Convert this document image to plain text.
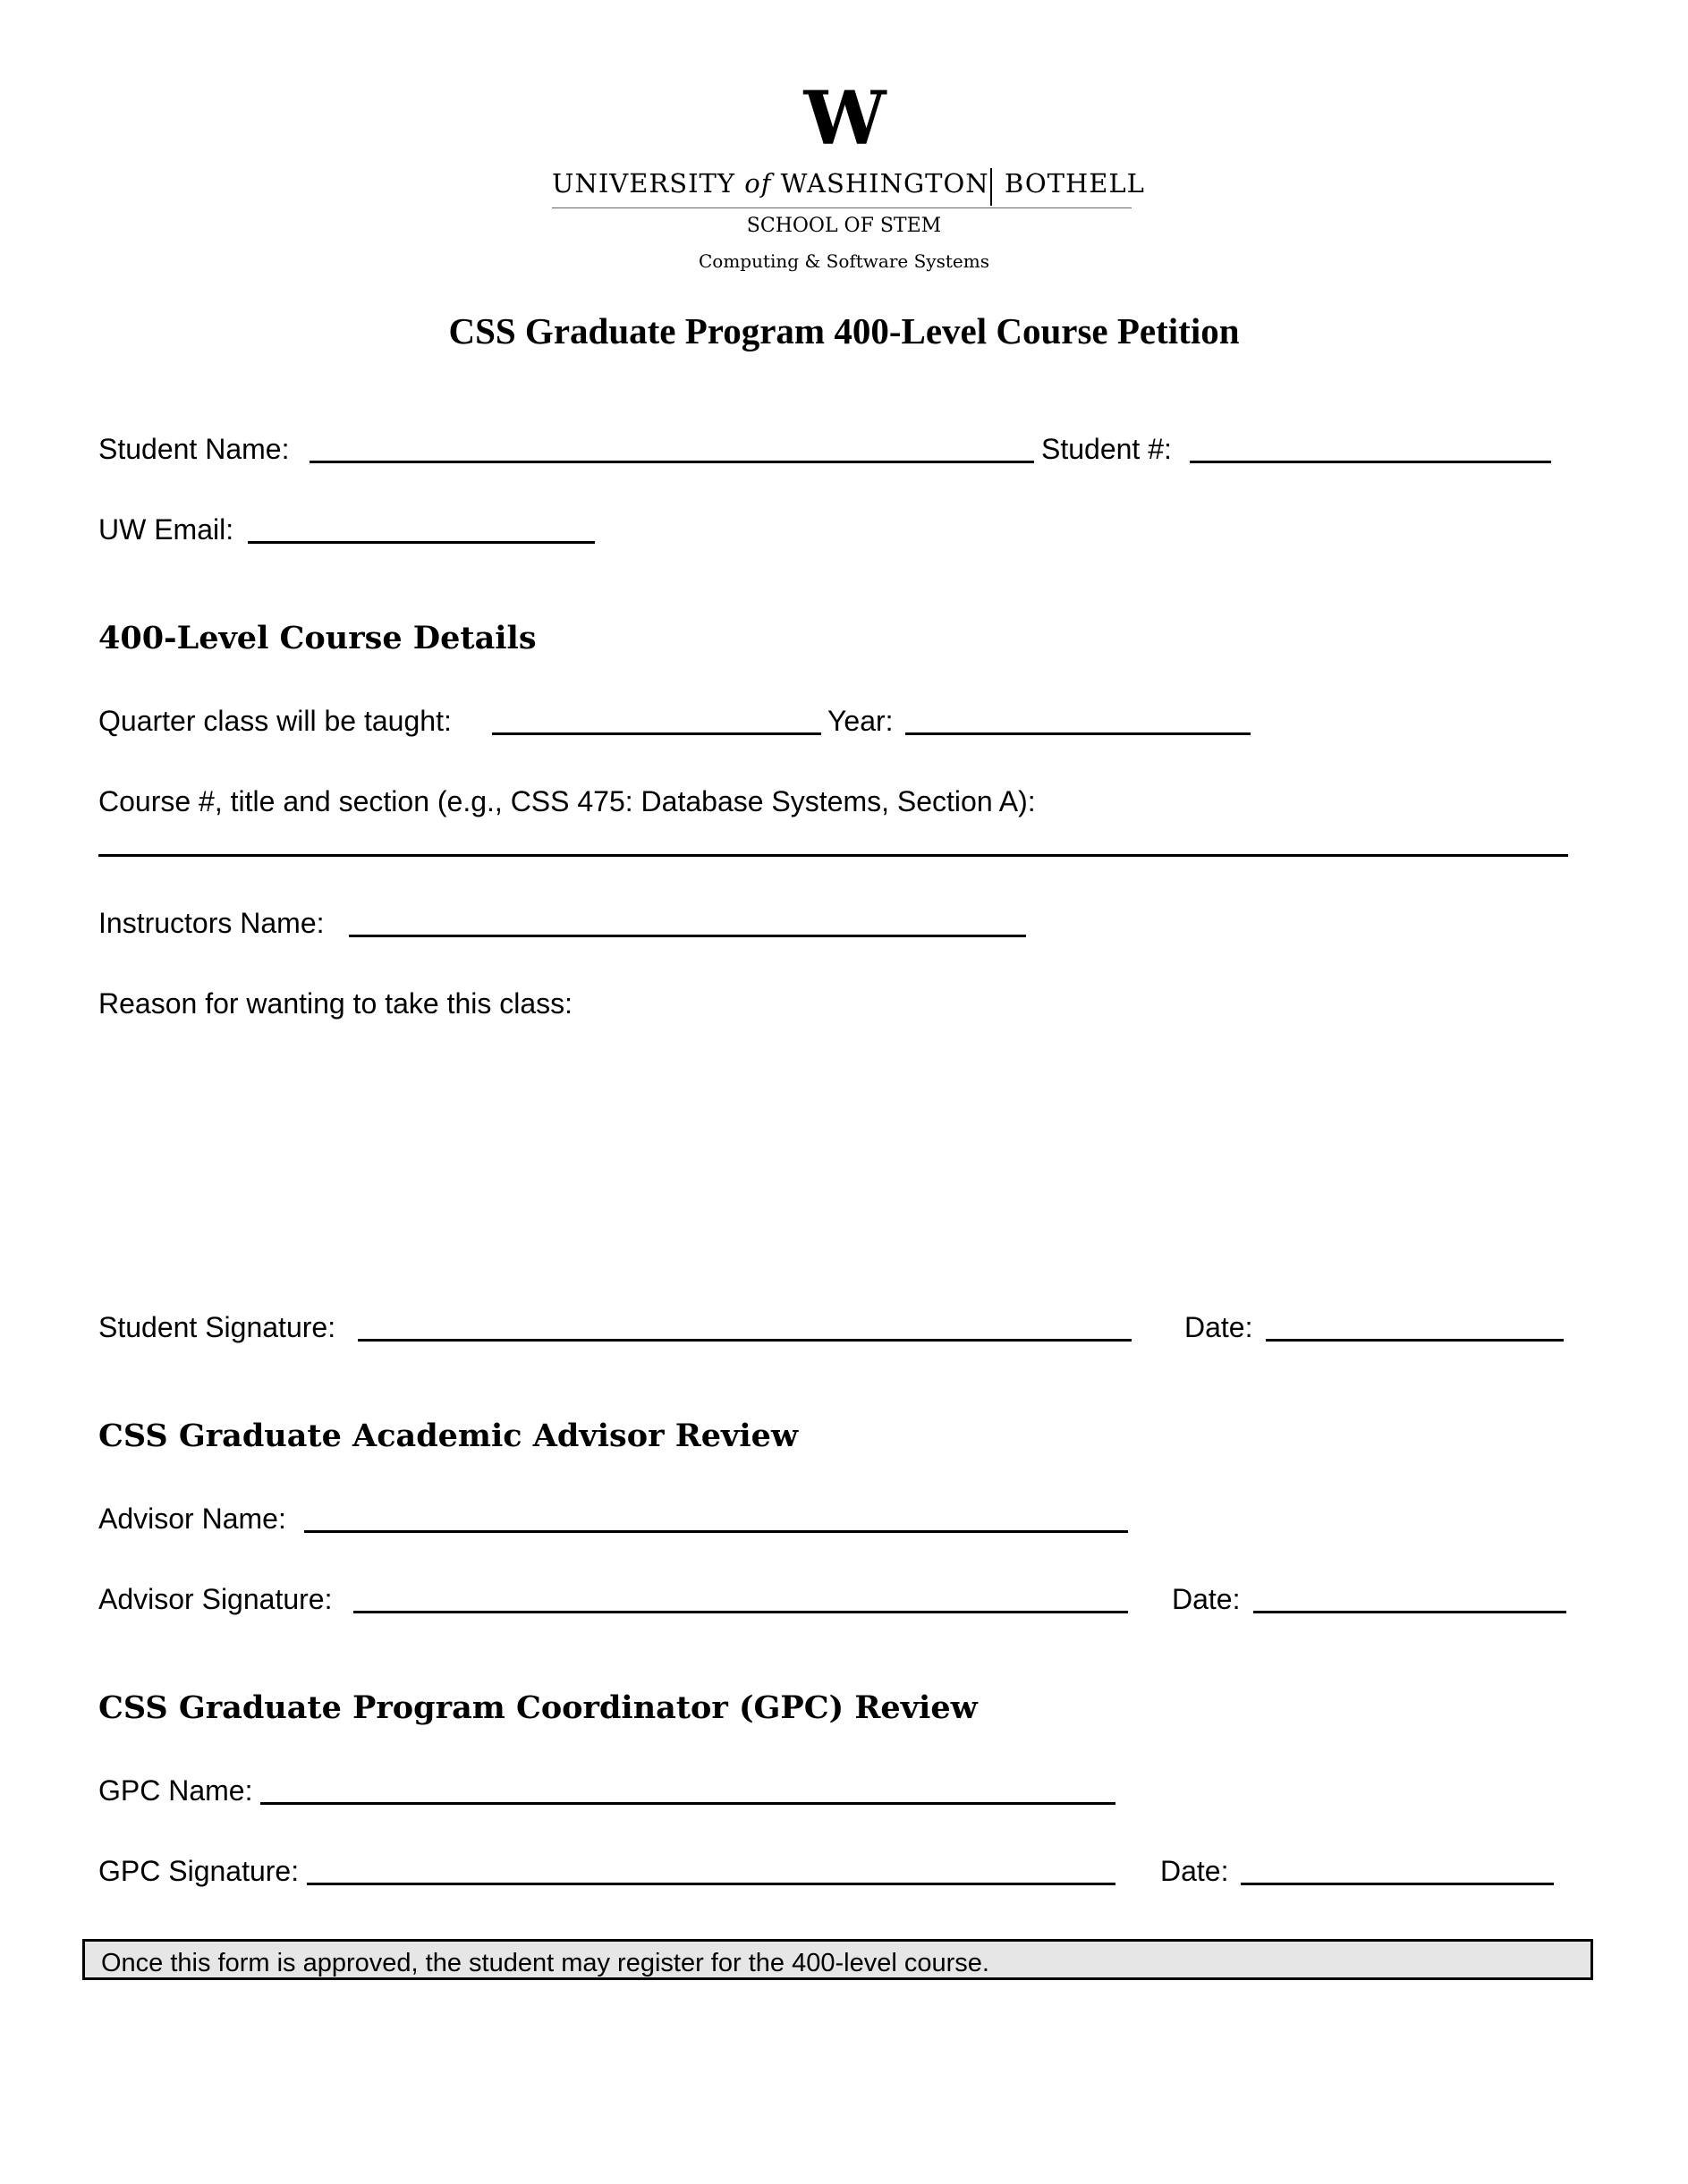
W
UNIVERSITY of WASHINGTON BOTHELL
SCHOOL OF STEM
Computing & Software Systems
CSS Graduate Program 400-Level Course Petition
Student Name:	Student #:
UW Email:
400-Level Course Details
Quarter class will be taught:	Year:
Course #, title and section (e.g., CSS 475: Database Systems, Section A):
Instructors Name:
Reason for wanting to take this class:
Student Signature:	Date:
CSS Graduate Academic Advisor Review
Advisor Name:
Advisor Signature:	Date:
CSS Graduate Program Coordinator (GPC) Review
GPC Name:
GPC Signature:	Date:
Once this form is approved, the student may register for the 400-level course.
